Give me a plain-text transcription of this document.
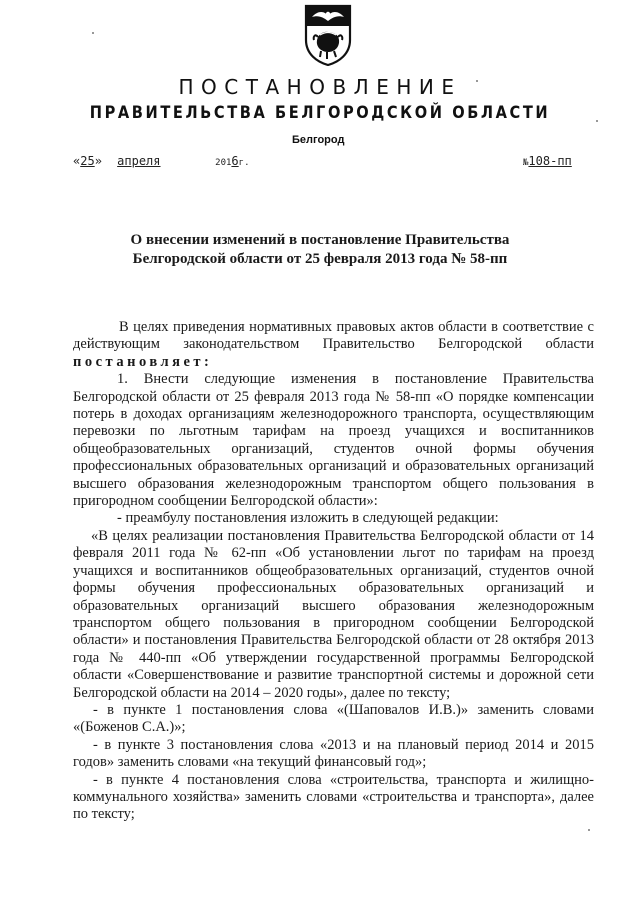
ПОСТАНОВЛЕНИЕ
ПРАВИТЕЛЬСТВА БЕЛГОРОДСКОЙ ОБЛАСТИ
Белгород
«25» апреля	2016г.	№108-пп
О внесении изменений в постановление Правительства
Белгородской области от 25 февраля 2013 года № 58-пп

В целях приведения нормативных правовых актов области в соответствие с действующим законодательством Правительство Белгородской области постановляет:

1. Внести следующие изменения в постановление Правительства Белгородской области от 25 февраля 2013 года № 58-пп «О порядке компенсации потерь в доходах организациям железнодорожного транспорта, осуществляющим перевозки по льготным тарифам на проезд учащихся и воспитанников общеобразовательных организаций, студентов очной формы обучения профессиональных образовательных организаций и образовательных организаций высшего образования железнодорожным транспортом общего пользования в пригородном сообщении Белгородской области»:

- преамбулу постановления изложить в следующей редакции:

«В целях реализации постановления Правительства Белгородской области от 14 февраля 2011 года № 62-пп «Об установлении льгот по тарифам на проезд учащихся и воспитанников общеобразовательных организаций, студентов очной формы обучения профессиональных образовательных организаций и образовательных организаций высшего образования железнодорожным транспортом общего пользования в пригородном сообщении Белгородской области» и постановления Правительства Белгородской области от 28 октября 2013 года № 440-пп «Об утверждении государственной программы Белгородской области «Совершенствование и развитие транспортной системы и дорожной сети Белгородской области на 2014 – 2020 годы», далее по тексту;

- в пункте 1 постановления слова «(Шаповалов И.В.)» заменить словами «(Боженов С.А.)»;

- в пункте 3 постановления слова «2013 и на плановый период 2014 и 2015 годов» заменить словами «на текущий финансовый год»;

- в пункте 4 постановления слова «строительства, транспорта и жилищно-коммунального хозяйства» заменить словами «строительства и транспорта», далее по тексту;
